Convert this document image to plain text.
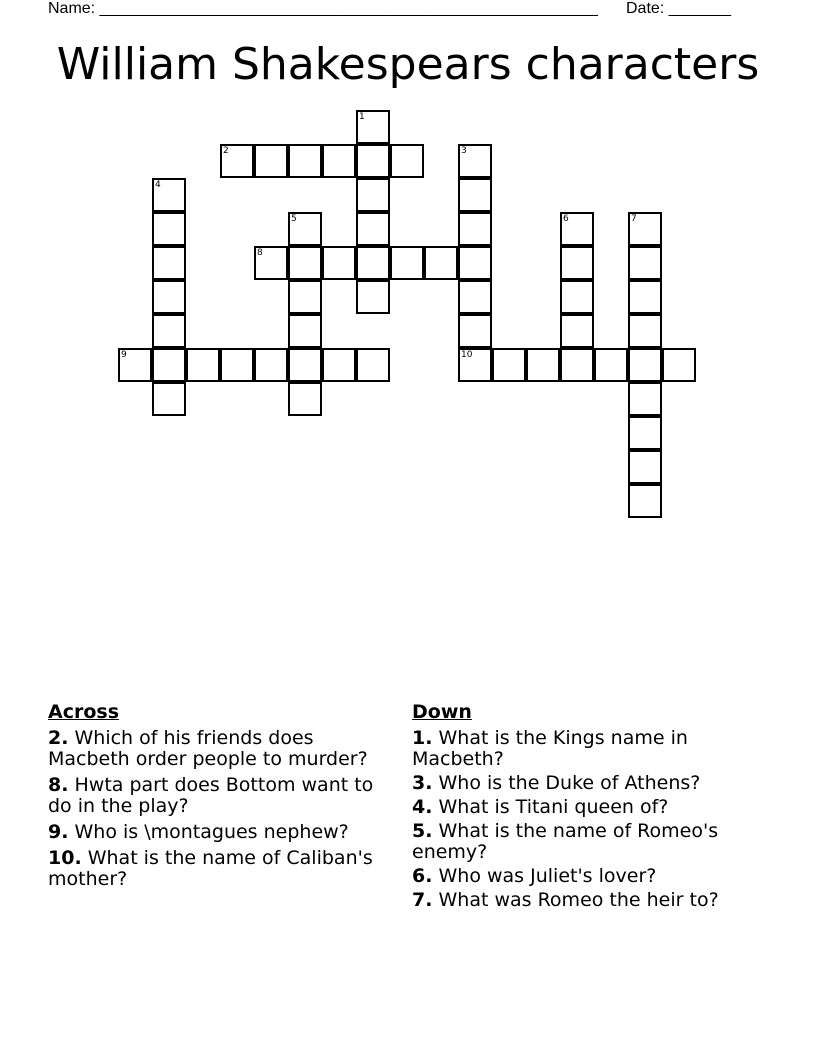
Name: ________________________________________________________ Date: _______
William Shakespears characters
1
2	3
10
4
5	6	7
8
9
Across
2. Which of his friends does Macbeth order people to murder?
8. Hwta part does Bottom want to do in the play?
9. Who is \montagues nephew?
10. What is the name of Caliban's mother?
Down
1. What is the Kings name in Macbeth?
3. Who is the Duke of Athens?
4. What is Titani queen of?
5. What is the name of Romeo's enemy?
6. Who was Juliet's lover?
7. What was Romeo the heir to?
